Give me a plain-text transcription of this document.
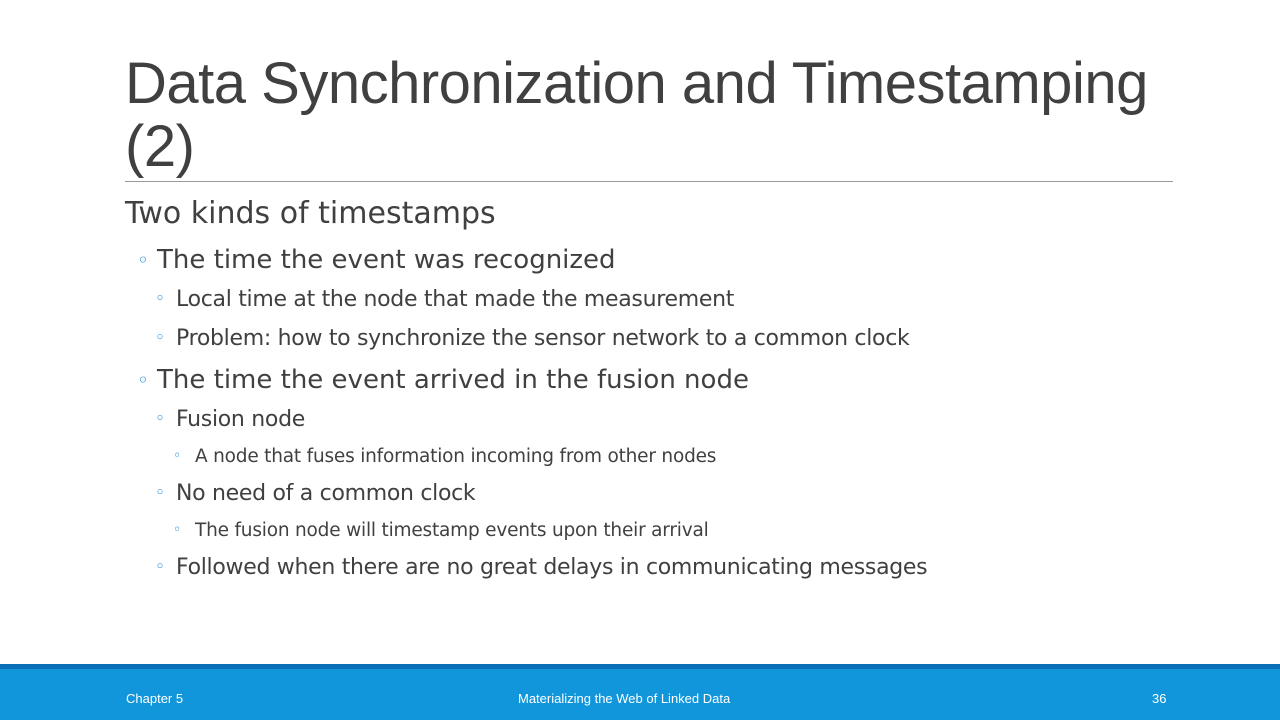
Data Synchronization and Timestamping (2)

Two kinds of timestamps

◦ The time the event was recognized

◦ Local time at the node that made the measurement

◦ Problem: how to synchronize the sensor network to a common clock

◦ The time the event arrived in the fusion node

◦ Fusion node

◦ A node that fuses information incoming from other nodes

◦ No need of a common clock

◦ The fusion node will timestamp events upon their arrival

◦ Followed when there are no great delays in communicating messages

Chapter 5	Materializing the Web of Linked Data	36
